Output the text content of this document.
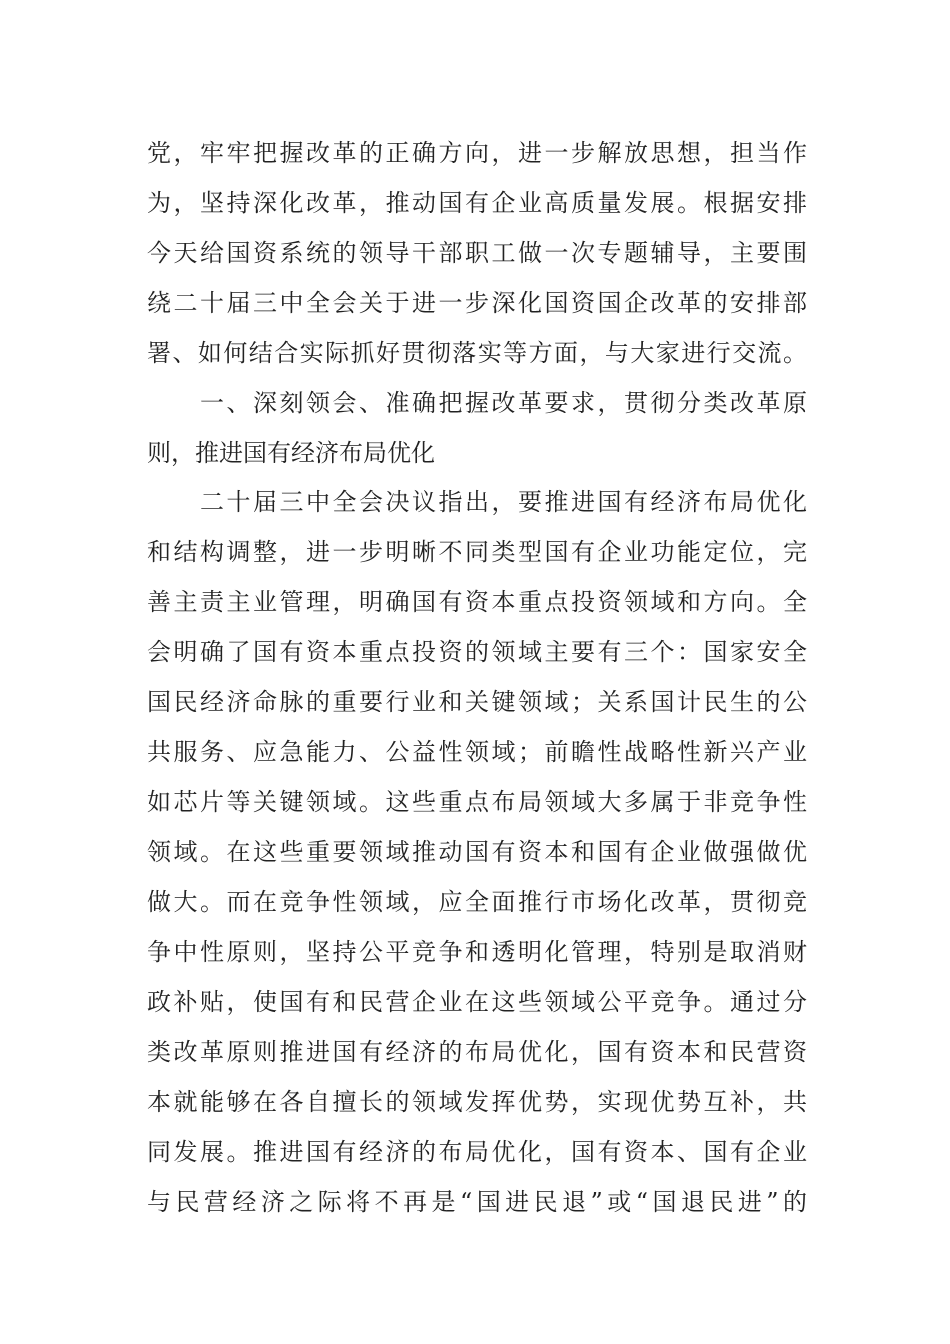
党，牢牢把握改革的正确方向，进一步解放思想，担当作
为，坚持深化改革，推动国有企业高质量发展。根据安排
今天给国资系统的领导干部职工做一次专题辅导，主要围
绕二十届三中全会关于进一步深化国资国企改革的安排部
署、如何结合实际抓好贯彻落实等方面，与大家进行交流。
　　一、深刻领会、准确把握改革要求，贯彻分类改革原
则，推进国有经济布局优化
　　二十届三中全会决议指出，要推进国有经济布局优化
和结构调整，进一步明晰不同类型国有企业功能定位，完
善主责主业管理，明确国有资本重点投资领域和方向。全
会明确了国有资本重点投资的领域主要有三个：国家安全
国民经济命脉的重要行业和关键领域；关系国计民生的公
共服务、应急能力、公益性领域；前瞻性战略性新兴产业
如芯片等关键领域。这些重点布局领域大多属于非竞争性
领域。在这些重要领域推动国有资本和国有企业做强做优
做大。而在竞争性领域，应全面推行市场化改革，贯彻竞
争中性原则，坚持公平竞争和透明化管理，特别是取消财
政补贴，使国有和民营企业在这些领域公平竞争。通过分
类改革原则推进国有经济的布局优化，国有资本和民营资
本就能够在各自擅长的领域发挥优势，实现优势互补，共
同发展。推进国有经济的布局优化，国有资本、国有企业
与民营经济之际将不再是“国进民退”或“国退民进”的
